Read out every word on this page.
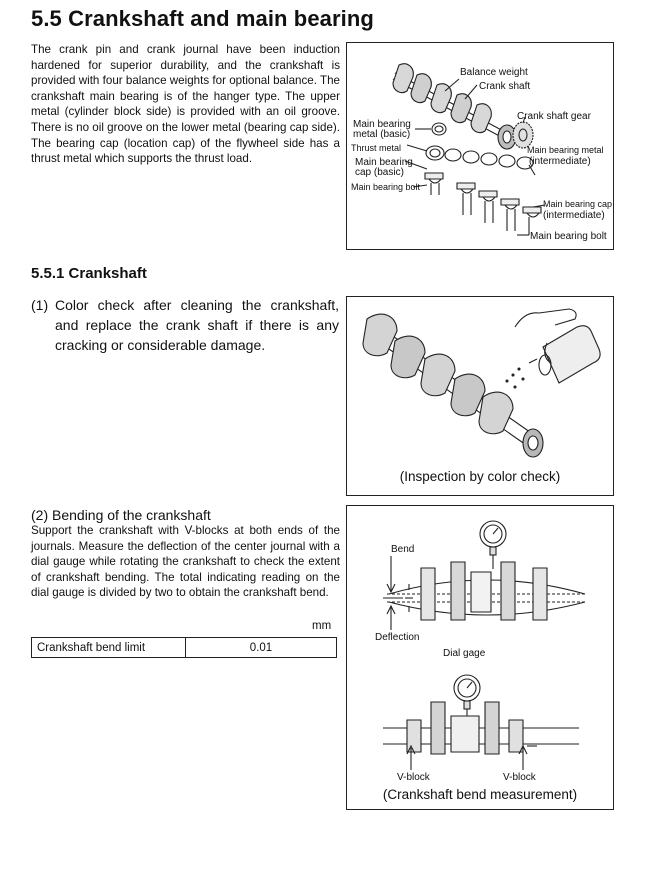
5.5 Crankshaft and main bearing

The crank pin and crank journal have been induction hardened for superior durability, and the crankshaft is provided with four balance weights for optional balance. The crankshaft main bearing is of the hanger type. The upper metal (cylinder block side) is provided with an oil groove. There is no oil groove on the lower metal (bearing cap side). The bearing cap (location cap) of the flywheel side has a thrust metal which supports the thrust load.

Balance weight
Crank shaft
Crank shaft gear
Main bearing
metal (basic)
Thrust metal
Main bearing
cap (basic)
Main bearing bolt
Main bearing metal
(intermediate)
Main bearing cap
(intermediate)
Main bearing bolt
5.5.1 Crankshaft
(1) Color check after cleaning the crankshaft, and replace the crank shaft if there is any cracking or considerable damage.
(Inspection by color check)
(2) Bending of the crankshaft

Support the crankshaft with V-blocks at both ends of the journals. Measure the deflection of the center journal with a dial gauge while rotating the crankshaft to check the extent of crankshaft bending. The total indicating reading on the dial gauge is divided by two to obtain the crankshaft bend.

mm
Crankshaft bend limit	0.01
Bend
Deflection
Dial gage
V-block	V-block
(Crankshaft bend measurement)
